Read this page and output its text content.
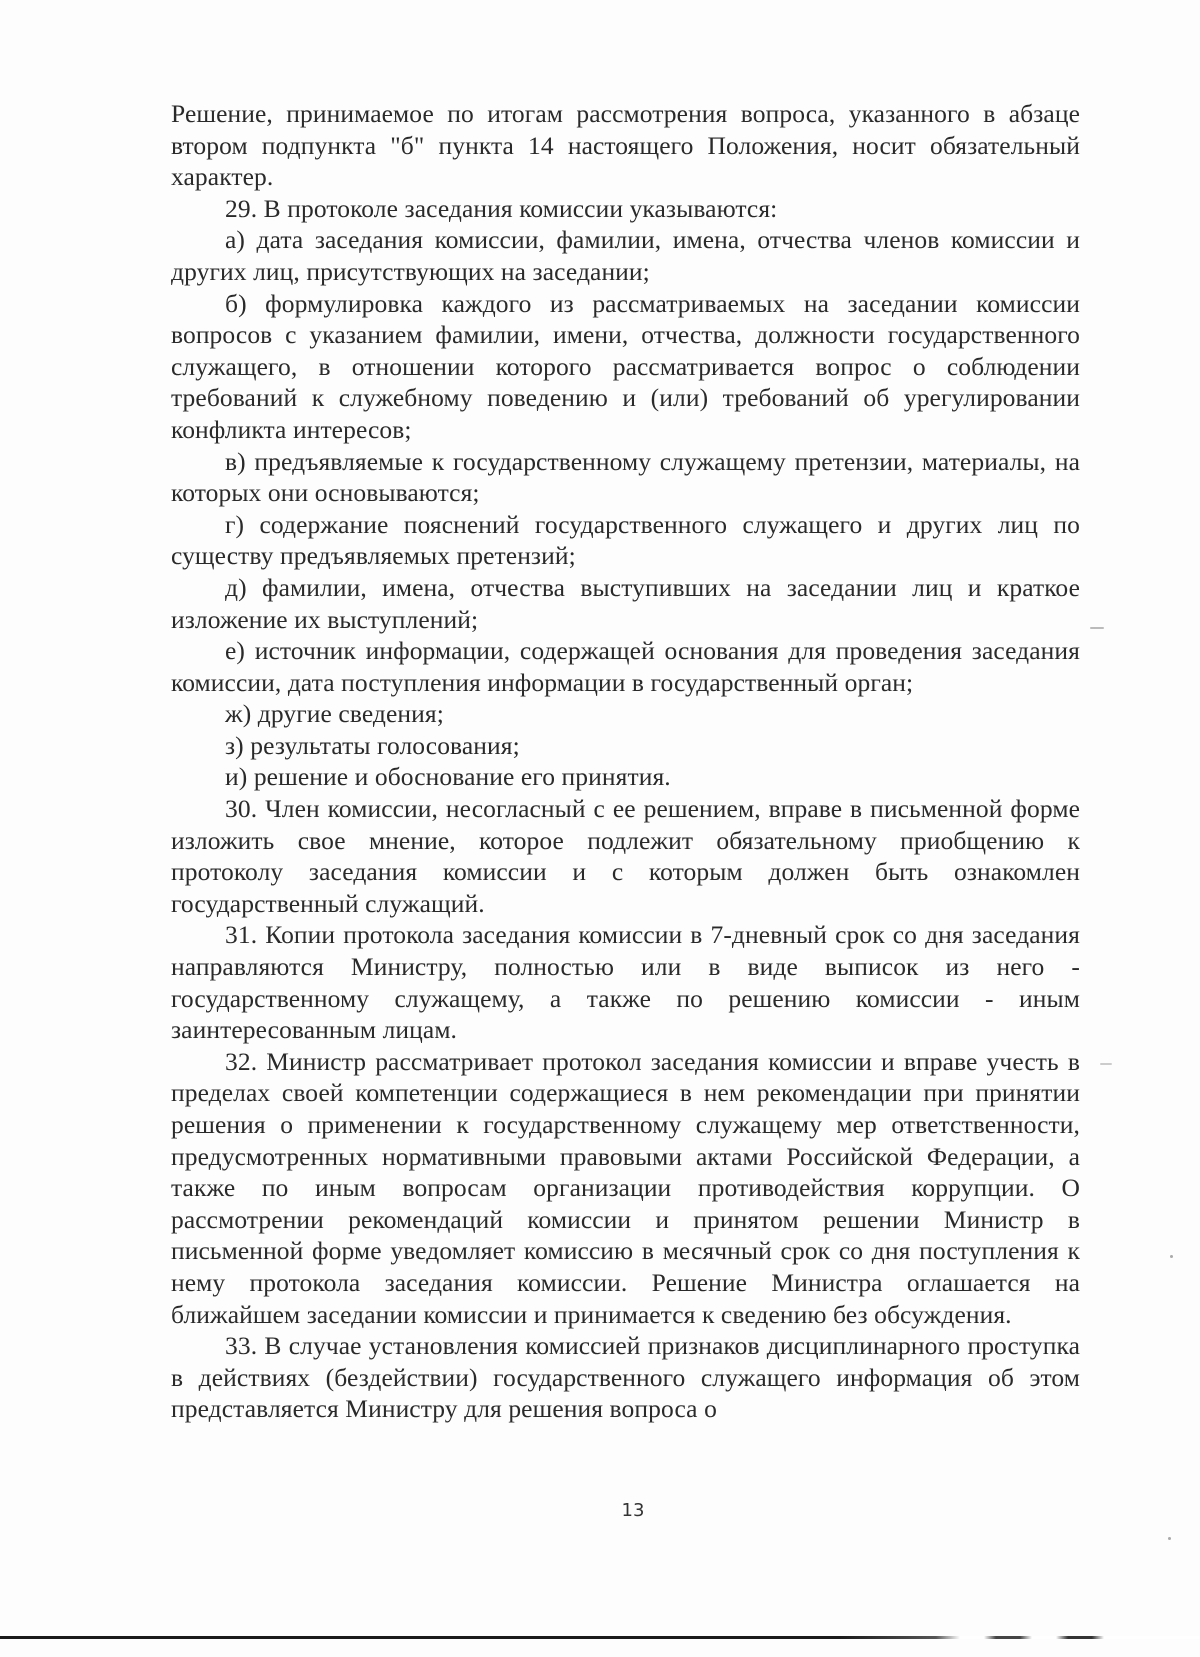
Решение, принимаемое по итогам рассмотрения вопроса, указанного в абзаце втором подпункта "б" пункта 14 настоящего Положения, носит обязательный характер.

29. В протоколе заседания комиссии указываются:

а) дата заседания комиссии, фамилии, имена, отчества членов комиссии и других лиц, присутствующих на заседании;

б) формулировка каждого из рассматриваемых на заседании комиссии вопросов с указанием фамилии, имени, отчества, должности государственного служащего, в отношении которого рассматривается вопрос о соблюдении требований к служебному поведению и (или) требований об урегулировании конфликта интересов;

в) предъявляемые к государственному служащему претензии, материалы, на которых они основываются;

г) содержание пояснений государственного служащего и других лиц по существу предъявляемых претензий;

д) фамилии, имена, отчества выступивших на заседании лиц и краткое изложение их выступлений;

е) источник информации, содержащей основания для проведения заседания комиссии, дата поступления информации в государственный орган;

ж) другие сведения;

з) результаты голосования;

и) решение и обоснование его принятия.

30. Член комиссии, несогласный с ее решением, вправе в письменной форме изложить свое мнение, которое подлежит обязательному приобщению к протоколу заседания комиссии и с которым должен быть ознакомлен государственный служащий.

31. Копии протокола заседания комиссии в 7-дневный срок со дня заседания направляются Министру, полностью или в виде выписок из него - государственному служащему, а также по решению комиссии - иным заинтересованным лицам.

32. Министр рассматривает протокол заседания комиссии и вправе учесть в пределах своей компетенции содержащиеся в нем рекомендации при принятии решения о применении к государственному служащему мер ответственности, предусмотренных нормативными правовыми актами Российской Федерации, а также по иным вопросам организации противодействия коррупции. О рассмотрении рекомендаций комиссии и принятом решении Министр в письменной форме уведомляет комиссию в месячный срок со дня поступления к нему протокола заседания комиссии. Решение Министра оглашается на ближайшем заседании комиссии и принимается к сведению без обсуждения.

33. В случае установления комиссией признаков дисциплинарного проступка в действиях (бездействии) государственного служащего информация об этом представляется Министру для решения вопроса о

13
